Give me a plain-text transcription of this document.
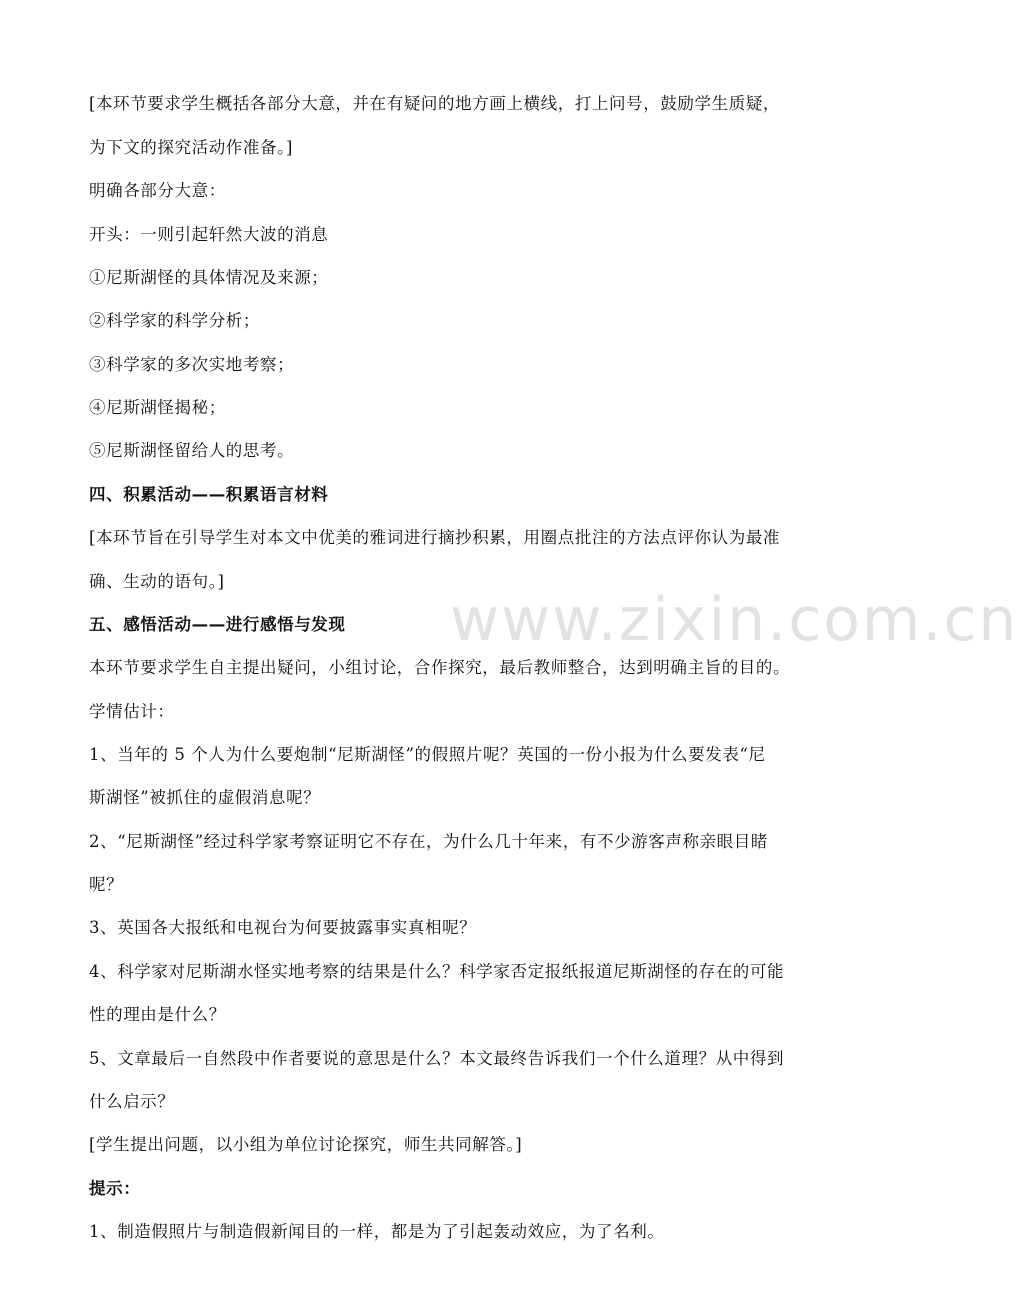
www.zixin.com.cn

[本环节要求学生概括各部分大意，并在有疑问的地方画上横线，打上问号，鼓励学生质疑，

为下文的探究活动作准备。]

明确各部分大意：

开头：一则引起轩然大波的消息

①尼斯湖怪的具体情况及来源；

②科学家的科学分析；

③科学家的多次实地考察；

④尼斯湖怪揭秘；

⑤尼斯湖怪留给人的思考。

四、积累活动——积累语言材料

[本环节旨在引导学生对本文中优美的雅词进行摘抄积累，用圈点批注的方法点评你认为最准

确、生动的语句。]

五、感悟活动——进行感悟与发现

本环节要求学生自主提出疑问，小组讨论，合作探究，最后教师整合，达到明确主旨的目的。

学情估计：

1、当年的 5 个人为什么要炮制“尼斯湖怪”的假照片呢？英国的一份小报为什么要发表“尼

斯湖怪”被抓住的虚假消息呢？

2、“尼斯湖怪”经过科学家考察证明它不存在，为什么几十年来，有不少游客声称亲眼目睹

呢？

3、英国各大报纸和电视台为何要披露事实真相呢？

4、科学家对尼斯湖水怪实地考察的结果是什么？科学家否定报纸报道尼斯湖怪的存在的可能

性的理由是什么？

5、文章最后一自然段中作者要说的意思是什么？本文最终告诉我们一个什么道理？从中得到

什么启示？

[学生提出问题，以小组为单位讨论探究，师生共同解答。]

提示：

1、制造假照片与制造假新闻目的一样，都是为了引起轰动效应，为了名利。
